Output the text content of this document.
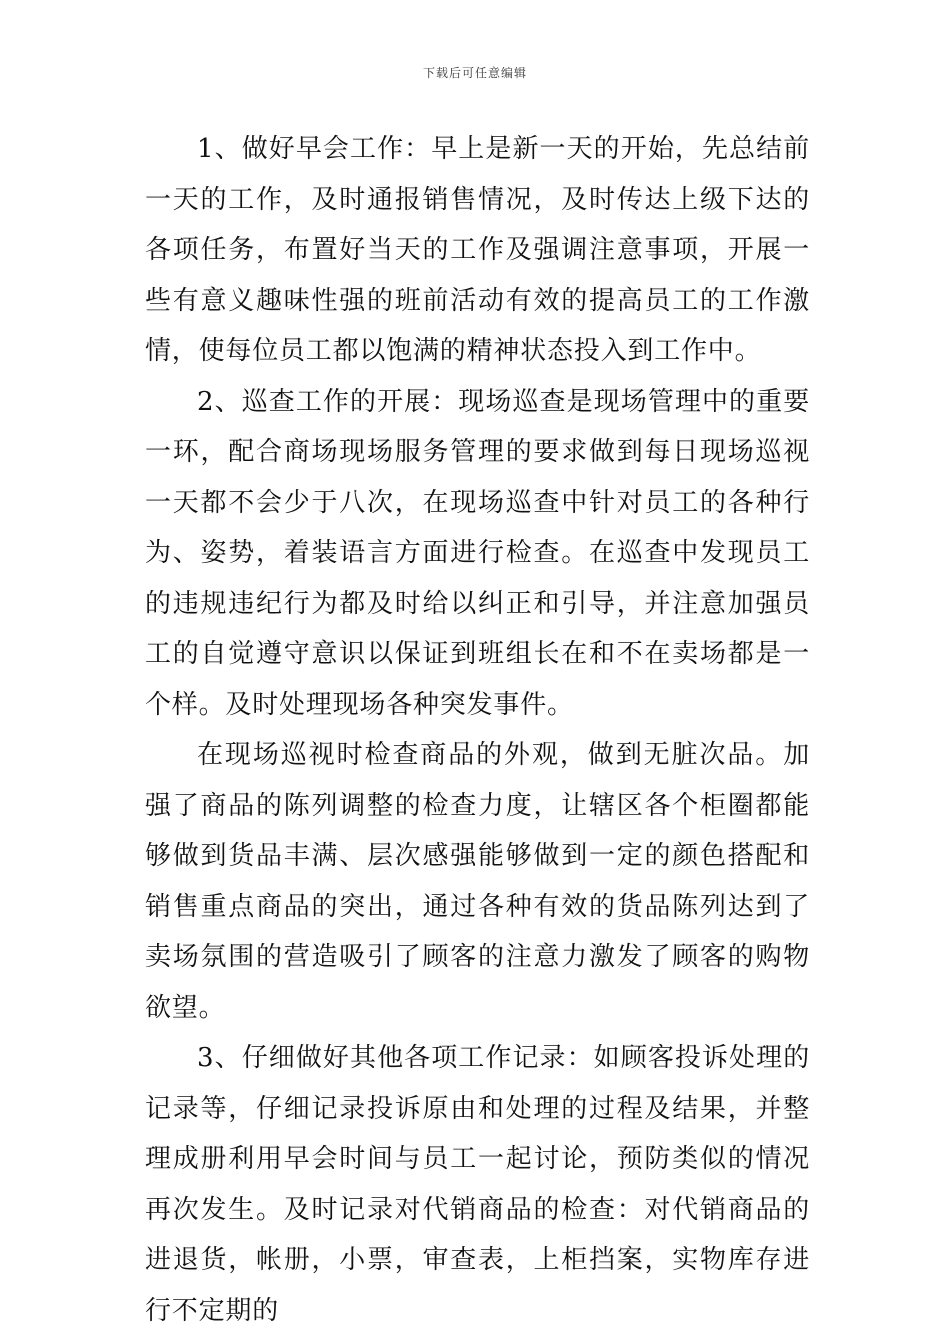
下载后可任意编辑

1、做好早会工作：早上是新一天的开始，先总结前一天的工作，及时通报销售情况，及时传达上级下达的各项任务，布置好当天的工作及强调注意事项，开展一些有意义趣味性强的班前活动有效的提高员工的工作激情，使每位员工都以饱满的精神状态投入到工作中。

2、巡查工作的开展：现场巡查是现场管理中的重要一环，配合商场现场服务管理的要求做到每日现场巡视一天都不会少于八次，在现场巡查中针对员工的各种行为、姿势，着装语言方面进行检查。在巡查中发现员工的违规违纪行为都及时给以纠正和引导，并注意加强员工的自觉遵守意识以保证到班组长在和不在卖场都是一个样。及时处理现场各种突发事件。

在现场巡视时检查商品的外观，做到无脏次品。加强了商品的陈列调整的检查力度，让辖区各个柜圈都能够做到货品丰满、层次感强能够做到一定的颜色搭配和销售重点商品的突出，通过各种有效的货品陈列达到了卖场氛围的营造吸引了顾客的注意力激发了顾客的购物欲望。

3、仔细做好其他各项工作记录：如顾客投诉处理的记录等，仔细记录投诉原由和处理的过程及结果，并整理成册利用早会时间与员工一起讨论，预防类似的情况再次发生。及时记录对代销商品的检查：对代销商品的进退货，帐册，小票，审查表，上柜挡案，实物库存进行不定期的
